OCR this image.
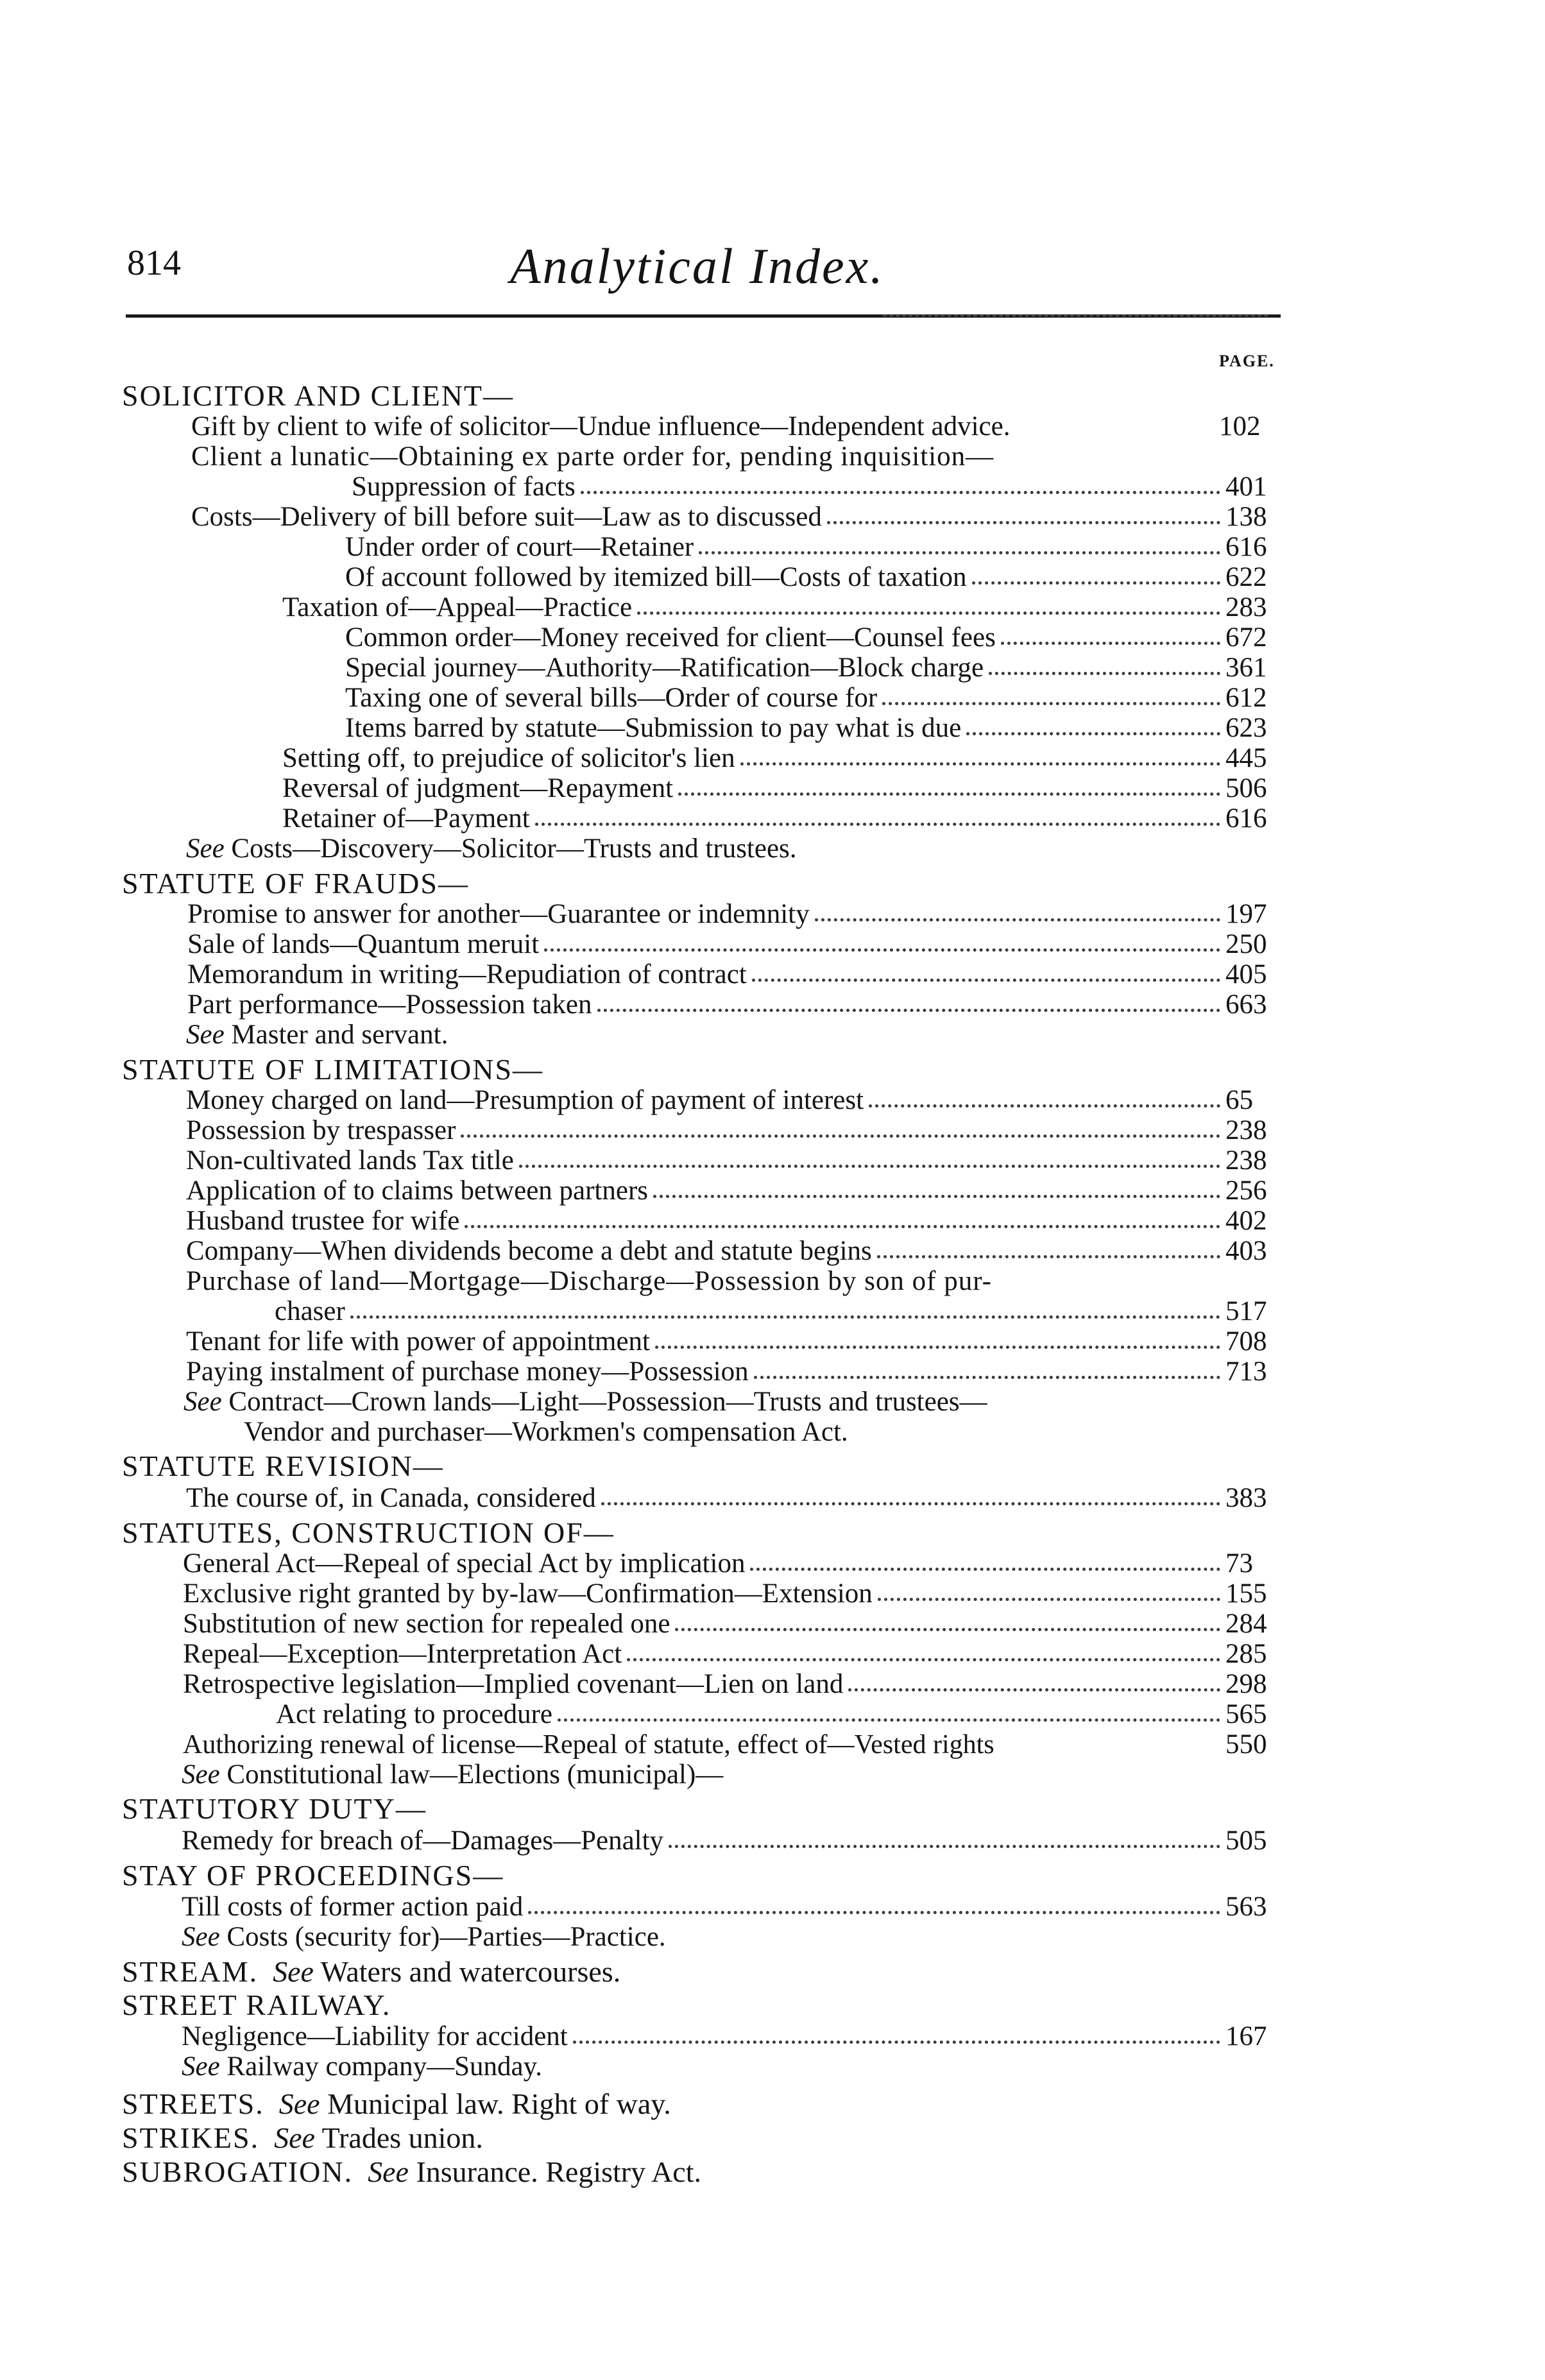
814	Analytical Index.
PAGE.
SOLICITOR AND CLIENT—
Gift by client to wife of solicitor—Undue influence—Independent advice.	102
Client a lunatic—Obtaining ex parte order for, pending inquisition—
Suppression of facts	401
Costs—Delivery of bill before suit—Law as to discussed	138
Under order of court—Retainer	616
Of account followed by itemized bill—Costs of taxation	622
Taxation of—Appeal—Practice	283
Common order—Money received for client—Counsel fees	672
Special journey—Authority—Ratification—Block charge	361
Taxing one of several bills—Order of course for	612
Items barred by statute—Submission to pay what is due	623
Setting off, to prejudice of solicitor's lien	445
Reversal of judgment—Repayment	506
Retainer of—Payment	616
See Costs—Discovery—Solicitor—Trusts and trustees.
STATUTE OF FRAUDS—
Promise to answer for another—Guarantee or indemnity	197
Sale of lands—Quantum meruit	250
Memorandum in writing—Repudiation of contract	405
Part performance—Possession taken	663
See Master and servant.
STATUTE OF LIMITATIONS—
Money charged on land—Presumption of payment of interest	65
Possession by trespasser	238
Non-cultivated lands Tax title	238
Application of to claims between partners	256
Husband trustee for wife	402
Company—When dividends become a debt and statute begins	403
Purchase of land—Mortgage—Discharge—Possession by son of pur-
chaser	517
Tenant for life with power of appointment	708
Paying instalment of purchase money—Possession	713
See Contract—Crown lands—Light—Possession—Trusts and trustees—
Vendor and purchaser—Workmen's compensation Act.
STATUTE REVISION—
The course of, in Canada, considered	383
STATUTES, CONSTRUCTION OF—
General Act—Repeal of special Act by implication	73
Exclusive right granted by by-law—Confirmation—Extension	155
Substitution of new section for repealed one	284
Repeal—Exception—Interpretation Act	285
Retrospective legislation—Implied covenant—Lien on land	298
Act relating to procedure	565
Authorizing renewal of license—Repeal of statute, effect of—Vested rights	550
See Constitutional law—Elections (municipal)—
STATUTORY DUTY—
Remedy for breach of—Damages—Penalty	505
STAY OF PROCEEDINGS—
Till costs of former action paid	563
See Costs (security for)—Parties—Practice.
STREAM. See Waters and watercourses.
STREET RAILWAY.
Negligence—Liability for accident	167
See Railway company—Sunday.
STREETS. See Municipal law. Right of way.
STRIKES. See Trades union.
SUBROGATION. See Insurance. Registry Act.
